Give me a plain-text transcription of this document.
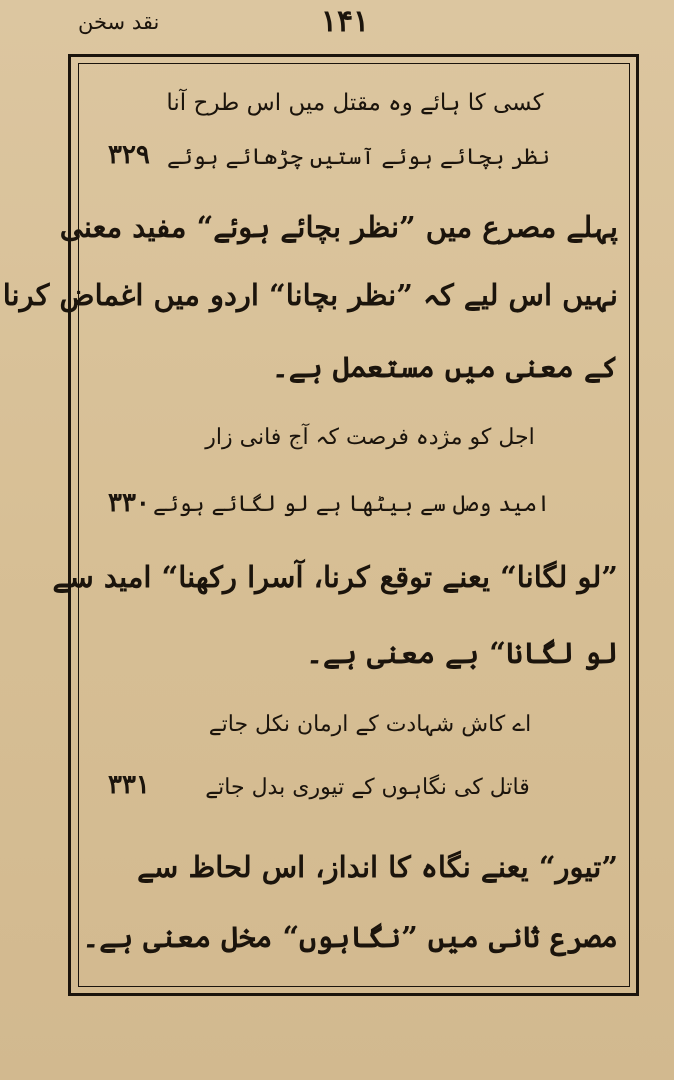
نقد سخن	۱۴۱
کسی کا ہائے وہ مقتل میں اس طرح آنا
۳۲۹ نظر بچائے ہوئے آستیں چڑھائے ہوئے
پہلے مصرع میں ”نظر بچائے ہوئے“ مفید معنی
نہیں اس لیے کہ ”نظر بچانا“ اردو میں اغماض کرنا
کے معنی میں مستعمل ہے۔
اجل کو مژدہ فرصت کہ آج فانی زار
۳۳۰ امید وصل سے بیٹھا ہے لو لگائے ہوئے
”لو لگانا“ یعنے توقع کرنا، آسرا رکھنا“ امید سے
لو لگانا“ بے معنی ہے۔
اے کاش شہادت کے ارمان نکل جاتے
۳۳۱	قاتل کی نگاہوں کے تیوری بدل جاتے
”تیور“ یعنے نگاہ کا انداز، اس لحاظ سے
مصرع ثانی میں ”نگاہوں“ مخل معنی ہے۔
